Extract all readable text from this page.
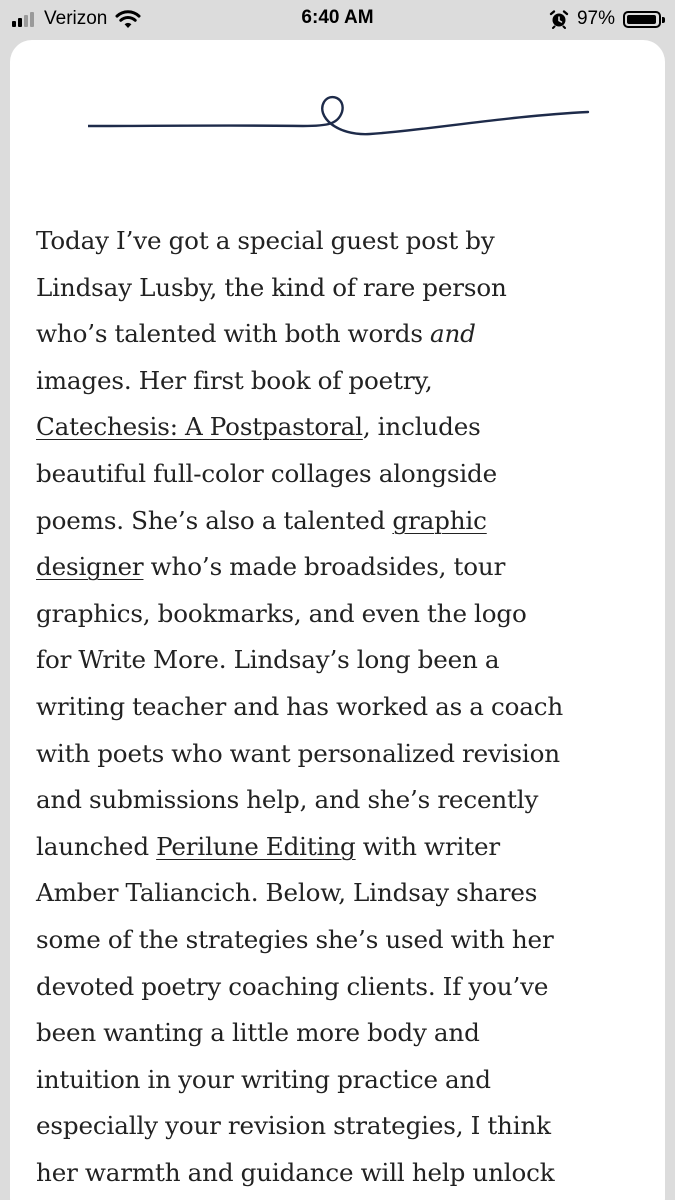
Verizon	6:40 AM	97%

Today I’ve got a special guest post by
Lindsay Lusby, the kind of rare person
who’s talented with both words and
images. Her first book of poetry,
Catechesis: A Postpastoral, includes
beautiful full-color collages alongside
poems. She’s also a talented graphic
designer who’s made broadsides, tour
graphics, bookmarks, and even the logo
for Write More. Lindsay’s long been a
writing teacher and has worked as a coach
with poets who want personalized revision
and submissions help, and she’s recently
launched Perilune Editing with writer
Amber Taliancich. Below, Lindsay shares
some of the strategies she’s used with her
devoted poetry coaching clients. If you’ve
been wanting a little more body and
intuition in your writing practice and
especially your revision strategies, I think
her warmth and guidance will help unlock
